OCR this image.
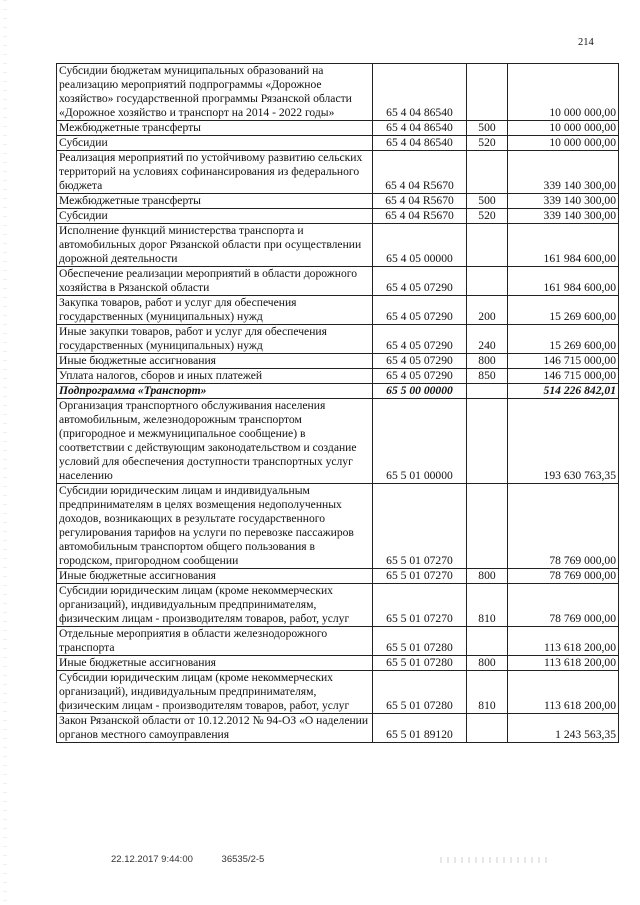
214
Субсидии бюджетам муниципальных образований на реализацию мероприятий подпрограммы «Дорожное хозяйство» государственной программы Рязанской области «Дорожное хозяйство и транспорт на 2014 - 2022 годы»	65 4 04 86540		10 000 000,00
Межбюджетные трансферты	65 4 04 86540	500	10 000 000,00
Субсидии	65 4 04 86540	520	10 000 000,00
Реализация мероприятий по устойчивому развитию сельских территорий на условиях софинансирования из федерального бюджета	65 4 04 R5670		339 140 300,00
Межбюджетные трансферты	65 4 04 R5670	500	339 140 300,00
Субсидии	65 4 04 R5670	520	339 140 300,00
Исполнение функций министерства транспорта и автомобильных дорог Рязанской области при осуществлении дорожной деятельности	65 4 05 00000		161 984 600,00
Обеспечение реализации мероприятий в области дорожного хозяйства в Рязанской области	65 4 05 07290		161 984 600,00
Закупка товаров, работ и услуг для обеспечения государственных (муниципальных) нужд	65 4 05 07290	200	15 269 600,00
Иные закупки товаров, работ и услуг для обеспечения государственных (муниципальных) нужд	65 4 05 07290	240	15 269 600,00
Иные бюджетные ассигнования	65 4 05 07290	800	146 715 000,00
Уплата налогов, сборов и иных платежей	65 4 05 07290	850	146 715 000,00
Подпрограмма «Транспорт»	65 5 00 00000		514 226 842,01
Организация транспортного обслуживания населения автомобильным, железнодорожным транспортом (пригородное и межмуниципальное сообщение) в соответствии с действующим законодательством и создание условий для обеспечения доступности транспортных услуг населению	65 5 01 00000		193 630 763,35
Субсидии юридическим лицам и индивидуальным предпринимателям в целях возмещения недополученных доходов, возникающих в результате государственного регулирования тарифов на услуги по перевозке пассажиров автомобильным транспортом общего пользования в городском, пригородном сообщении	65 5 01 07270		78 769 000,00
Иные бюджетные ассигнования	65 5 01 07270	800	78 769 000,00
Субсидии юридическим лицам (кроме некоммерческих организаций), индивидуальным предпринимателям, физическим лицам - производителям товаров, работ, услуг	65 5 01 07270	810	78 769 000,00
Отдельные мероприятия в области железнодорожного транспорта	65 5 01 07280		113 618 200,00
Иные бюджетные ассигнования	65 5 01 07280	800	113 618 200,00
Субсидии юридическим лицам (кроме некоммерческих организаций), индивидуальным предпринимателям, физическим лицам - производителям товаров, работ, услуг	65 5 01 07280	810	113 618 200,00
Закон Рязанской области от 10.12.2012 № 94-ОЗ «О наделении органов местного самоуправления	65 5 01 89120		1 243 563,35
22.12.2017 9:44:00	36535/2-5
